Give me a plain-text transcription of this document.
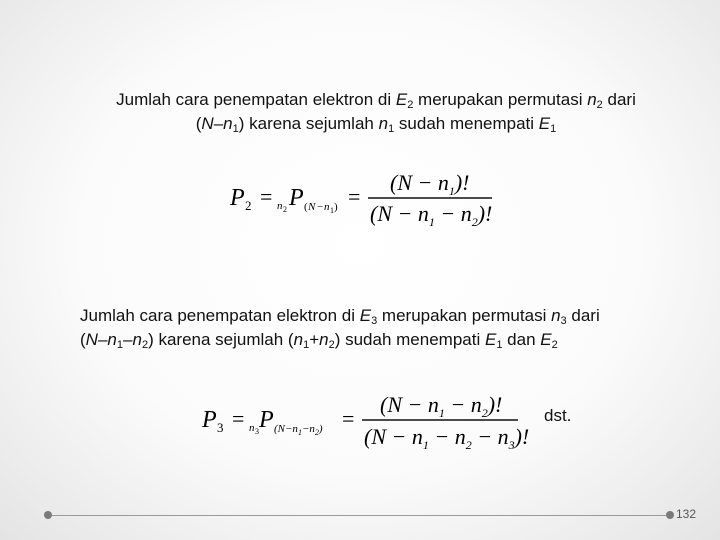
Jumlah cara penempatan elektron di $E_2$ merupakan permutasi $n_2$ dari
$(N-n_1)$ karena sejumlah $n_1$ sudah menempati $E_1$

P 2 = n 2 P ( N − n 1 ) =
$(N - n_1)$!
$(N - n_1 - n_2)$!

Jumlah cara penempatan elektron di $E_3$ merupakan permutasi $n_3$ dari
$(N-n_1-n_2)$ karena sejumlah $(n_1+n_2)$ sudah menempati $E_1$ dan $E_2$

P 3 = n 3 P $(N-n_1-n_2)$ =
$(N - n_1 - n_2)$!
$(N - n_1 - n_2 - n_3)$!
dst.
132
